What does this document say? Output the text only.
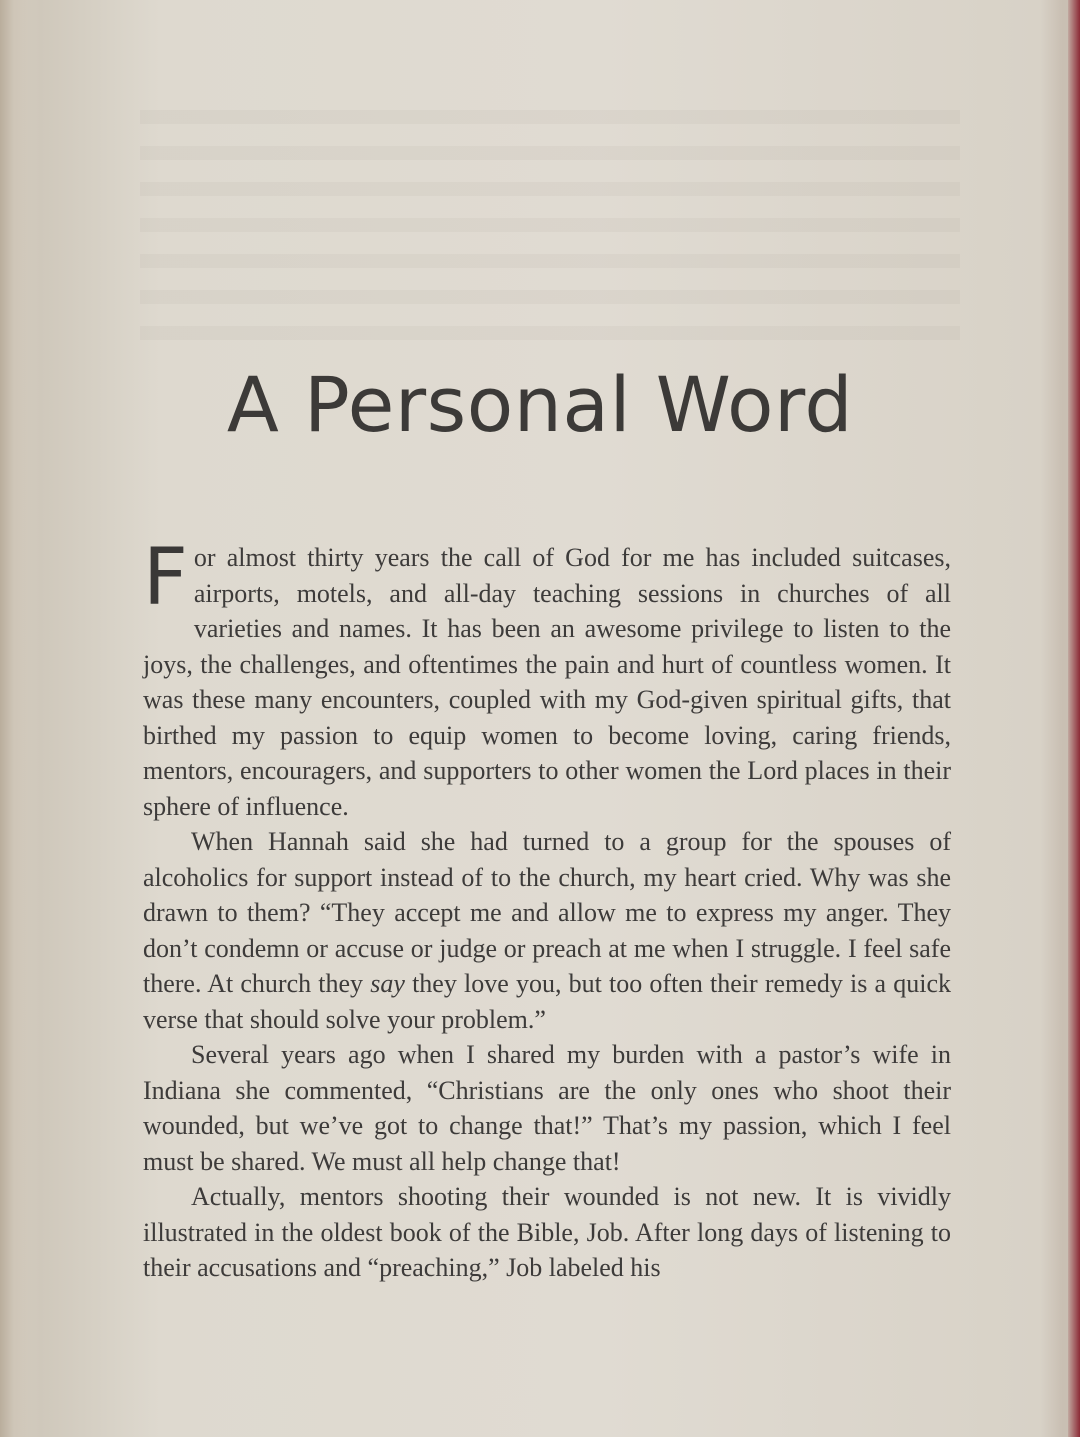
A Personal Word

For almost thirty years the call of God for me has included suitcases, airports, motels, and all-day teaching sessions in churches of all varieties and names. It has been an awesome privilege to listen to the joys, the challenges, and oftentimes the pain and hurt of countless women. It was these many encounters, coupled with my God-given spiritual gifts, that birthed my passion to equip women to become loving, caring friends, mentors, encouragers, and supporters to other women the Lord places in their sphere of influence.

When Hannah said she had turned to a group for the spouses of alcoholics for support instead of to the church, my heart cried. Why was she drawn to them? “They accept me and allow me to express my anger. They don’t condemn or accuse or judge or preach at me when I struggle. I feel safe there. At church they say they love you, but too often their remedy is a quick verse that should solve your problem.”

Several years ago when I shared my burden with a pastor’s wife in Indiana she commented, “Christians are the only ones who shoot their wounded, but we’ve got to change that!” That’s my passion, which I feel must be shared. We must all help change that!

Actually, mentors shooting their wounded is not new. It is vividly illustrated in the oldest book of the Bible, Job. After long days of listening to their accusations and “preaching,” Job labeled his
